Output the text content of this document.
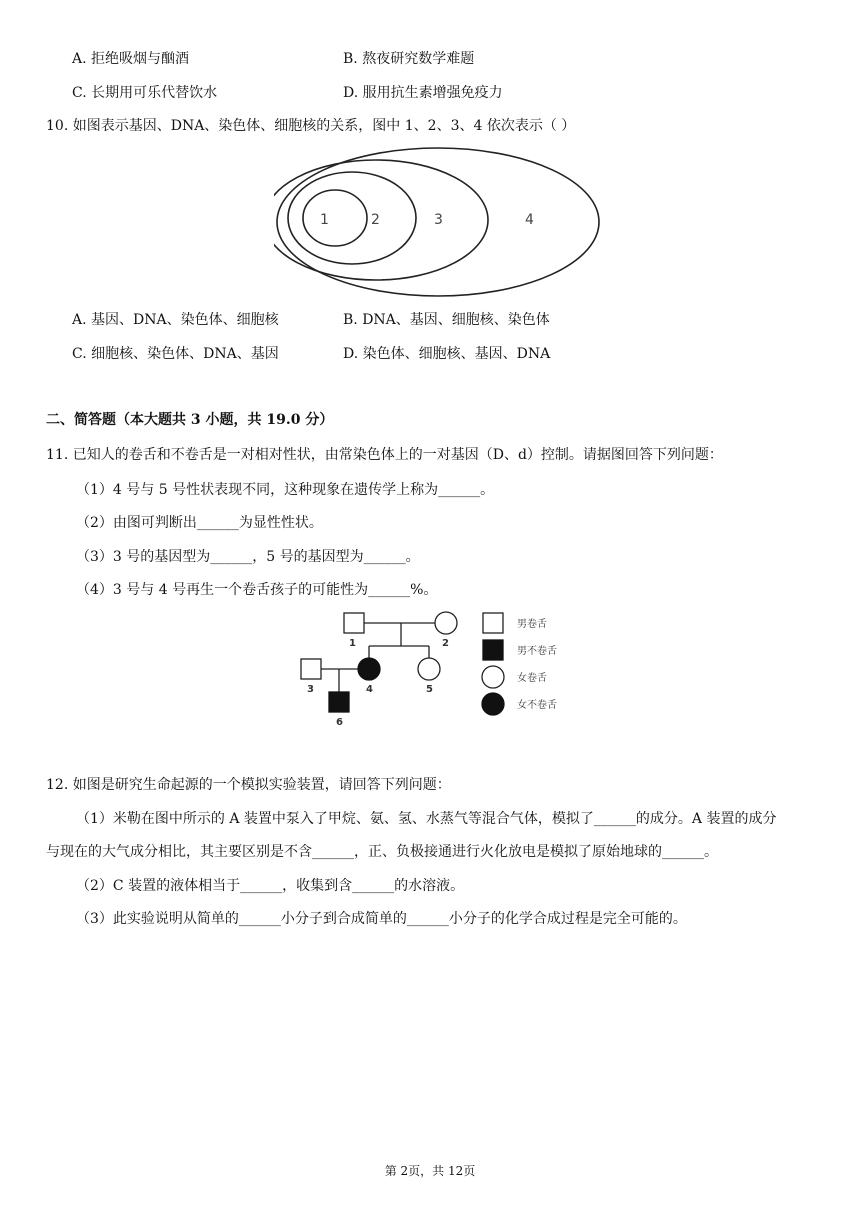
A. 拒绝吸烟与酗酒	B. 熬夜研究数学难题
C. 长期用可乐代替饮水	D. 服用抗生素增强免疫力
10. 如图表示基因、DNA、染色体、细胞核的关系，图中 1、2、3、4 依次表示（ ）
1	2	3	4
A. 基因、DNA、染色体、细胞核	B. DNA、基因、细胞核、染色体
C. 细胞核、染色体、DNA、基因	D. 染色体、细胞核、基因、DNA
二、简答题（本大题共 3 小题，共 19.0 分）
11. 已知人的卷舌和不卷舌是一对相对性状，由常染色体上的一对基因（D、d）控制。请据图回答下列问题：
（1）4 号与 5 号性状表现不同，这种现象在遗传学上称为______。
（2）由图可判断出______为显性性状。
（3）3 号的基因型为______，5 号的基因型为______。
（4）3 号与 4 号再生一个卷舌孩子的可能性为______%。
1	2
3	4	5
6
男卷舌
男不卷舌
女卷舌
女不卷舌
12. 如图是研究生命起源的一个模拟实验装置，请回答下列问题：
（1）米勒在图中所示的 A 装置中泵入了甲烷、氨、氢、水蒸气等混合气体，模拟了______的成分。A 装置的成分
与现在的大气成分相比，其主要区别是不含______，正、负极接通进行火化放电是模拟了原始地球的______。
（2）C 装置的液体相当于______，收集到含______的水溶液。
（3）此实验说明从简单的______小分子到合成简单的______小分子的化学合成过程是完全可能的。
第 2页，共 12页
